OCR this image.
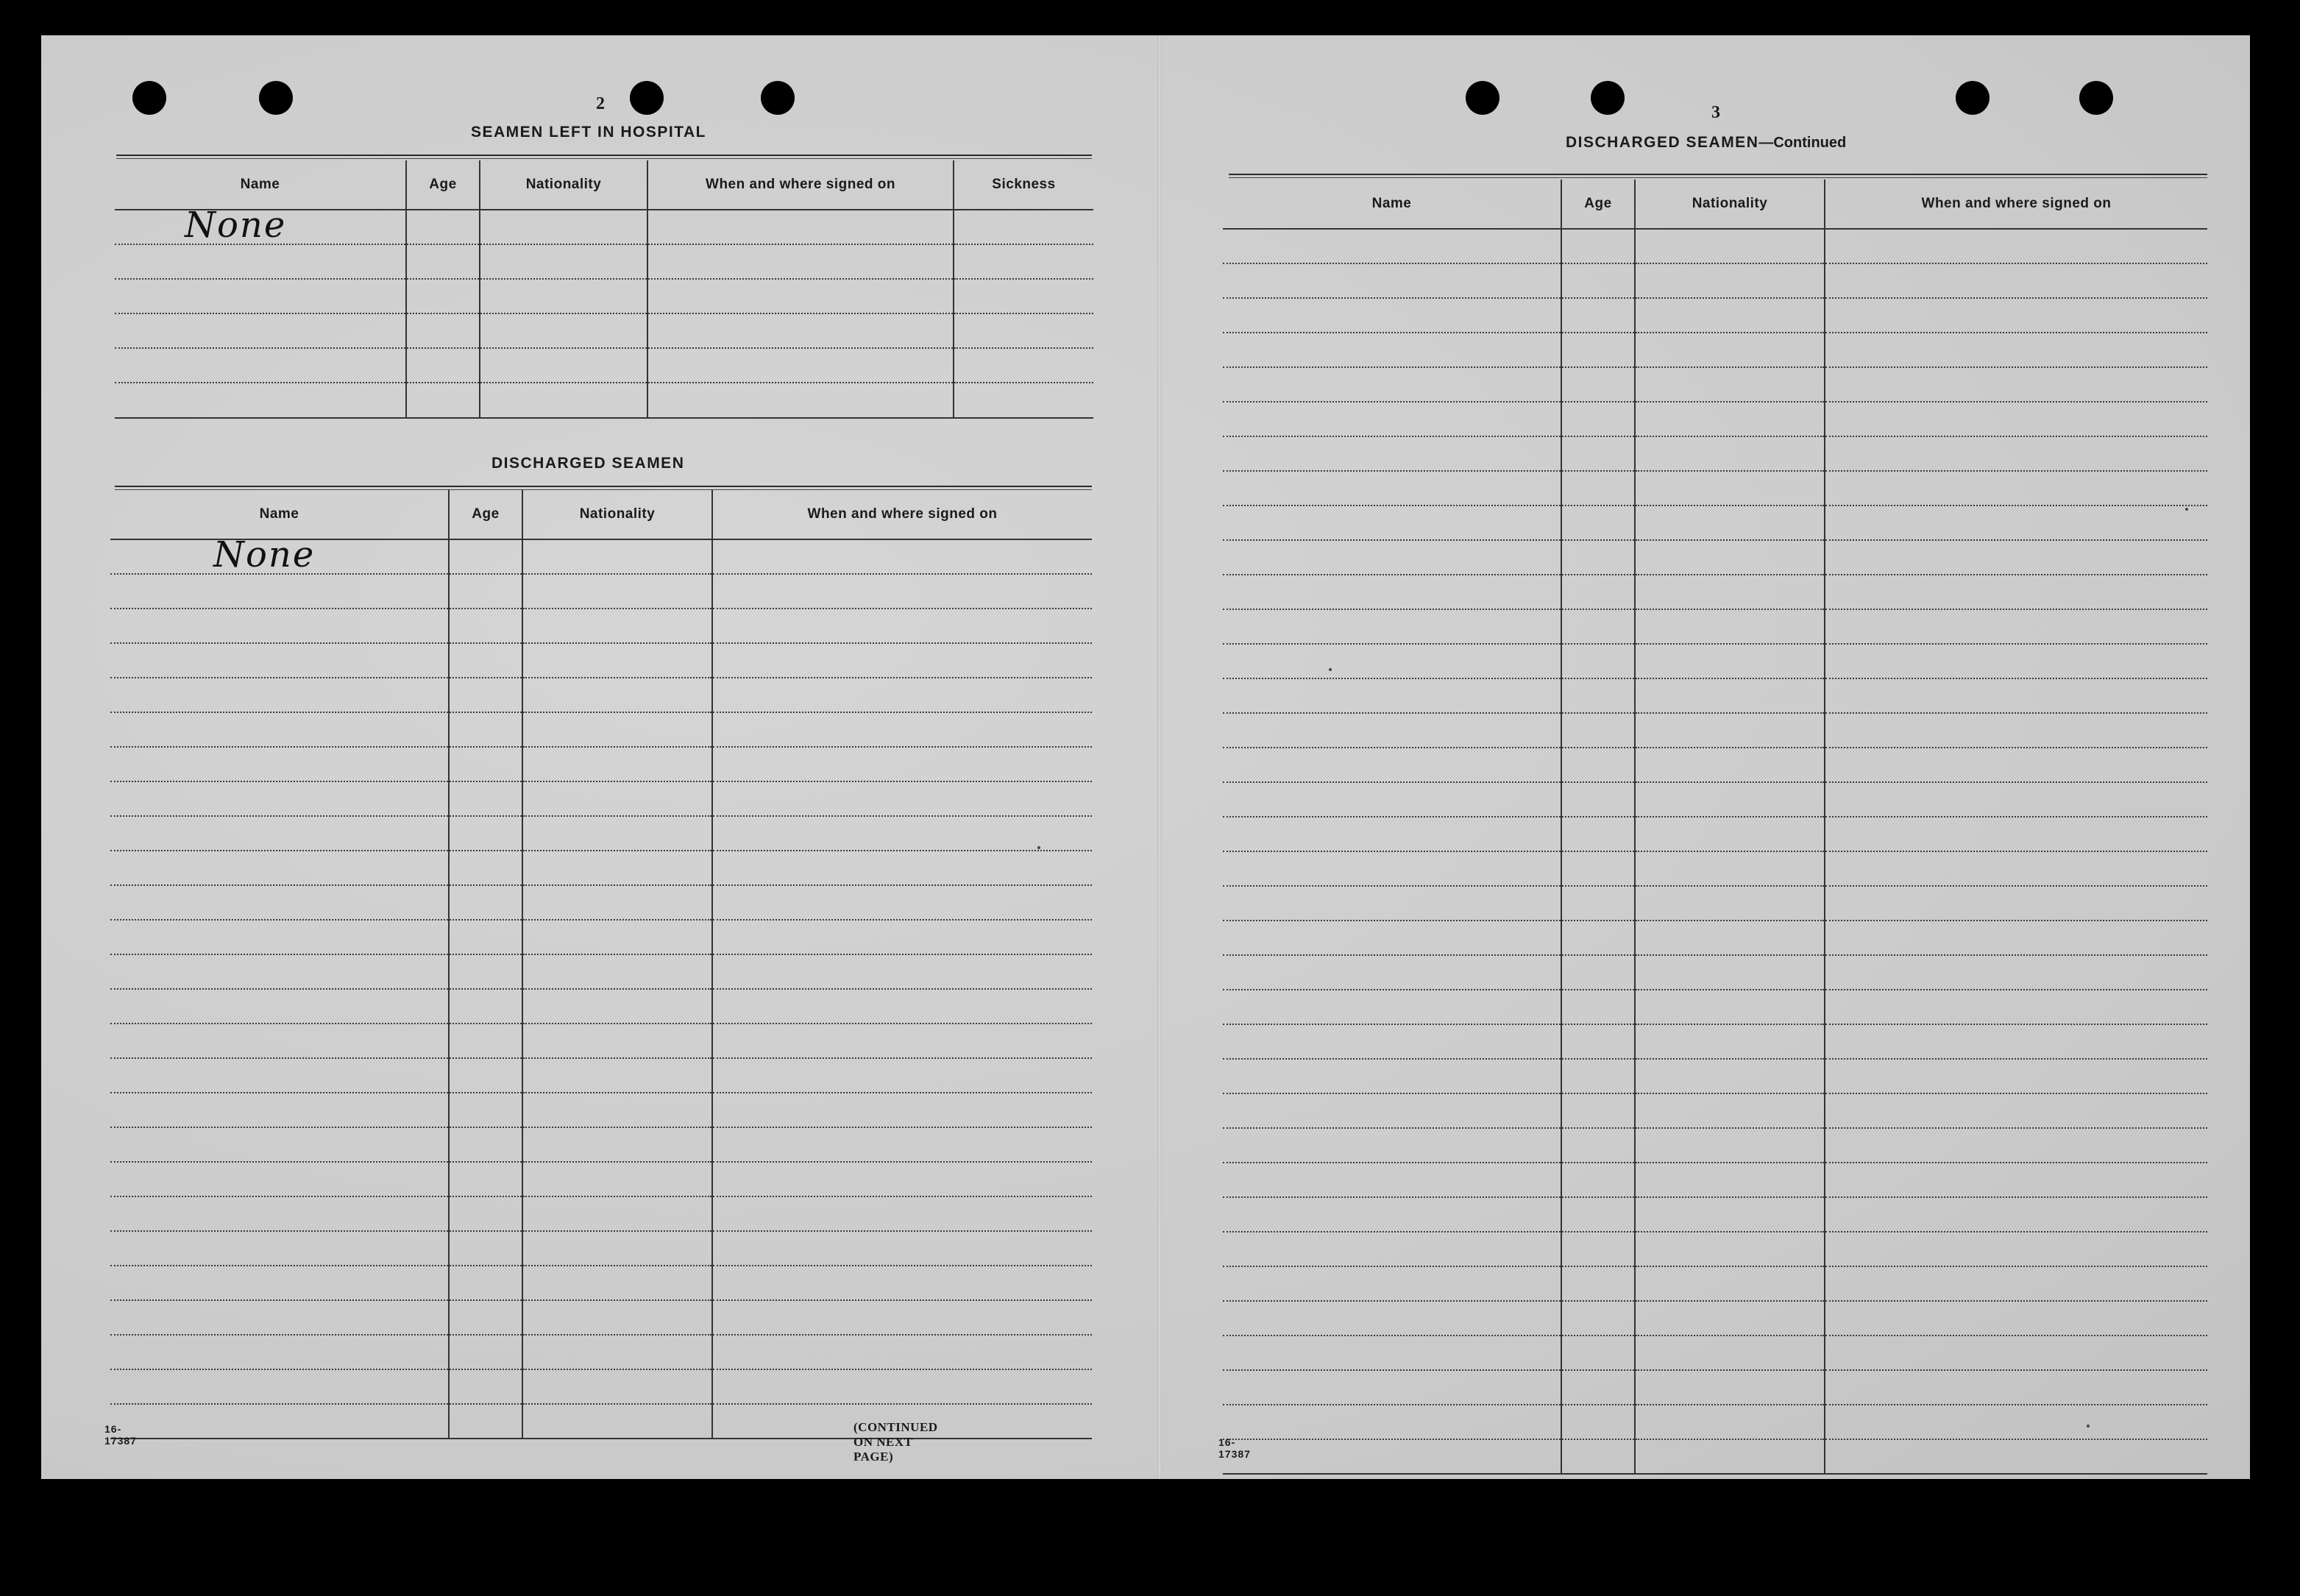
2
SEAMEN LEFT IN HOSPITAL
Name	Age	Nationality	When and where signed on	Sickness

None				

DISCHARGED SEAMEN
Name	Age	Nationality	When and where signed on

None			

16-17387
(CONTINUED ON NEXT PAGE)
3
DISCHARGED SEAMEN—Continued
Name	Age	Nationality	When and where signed on

16-17387
